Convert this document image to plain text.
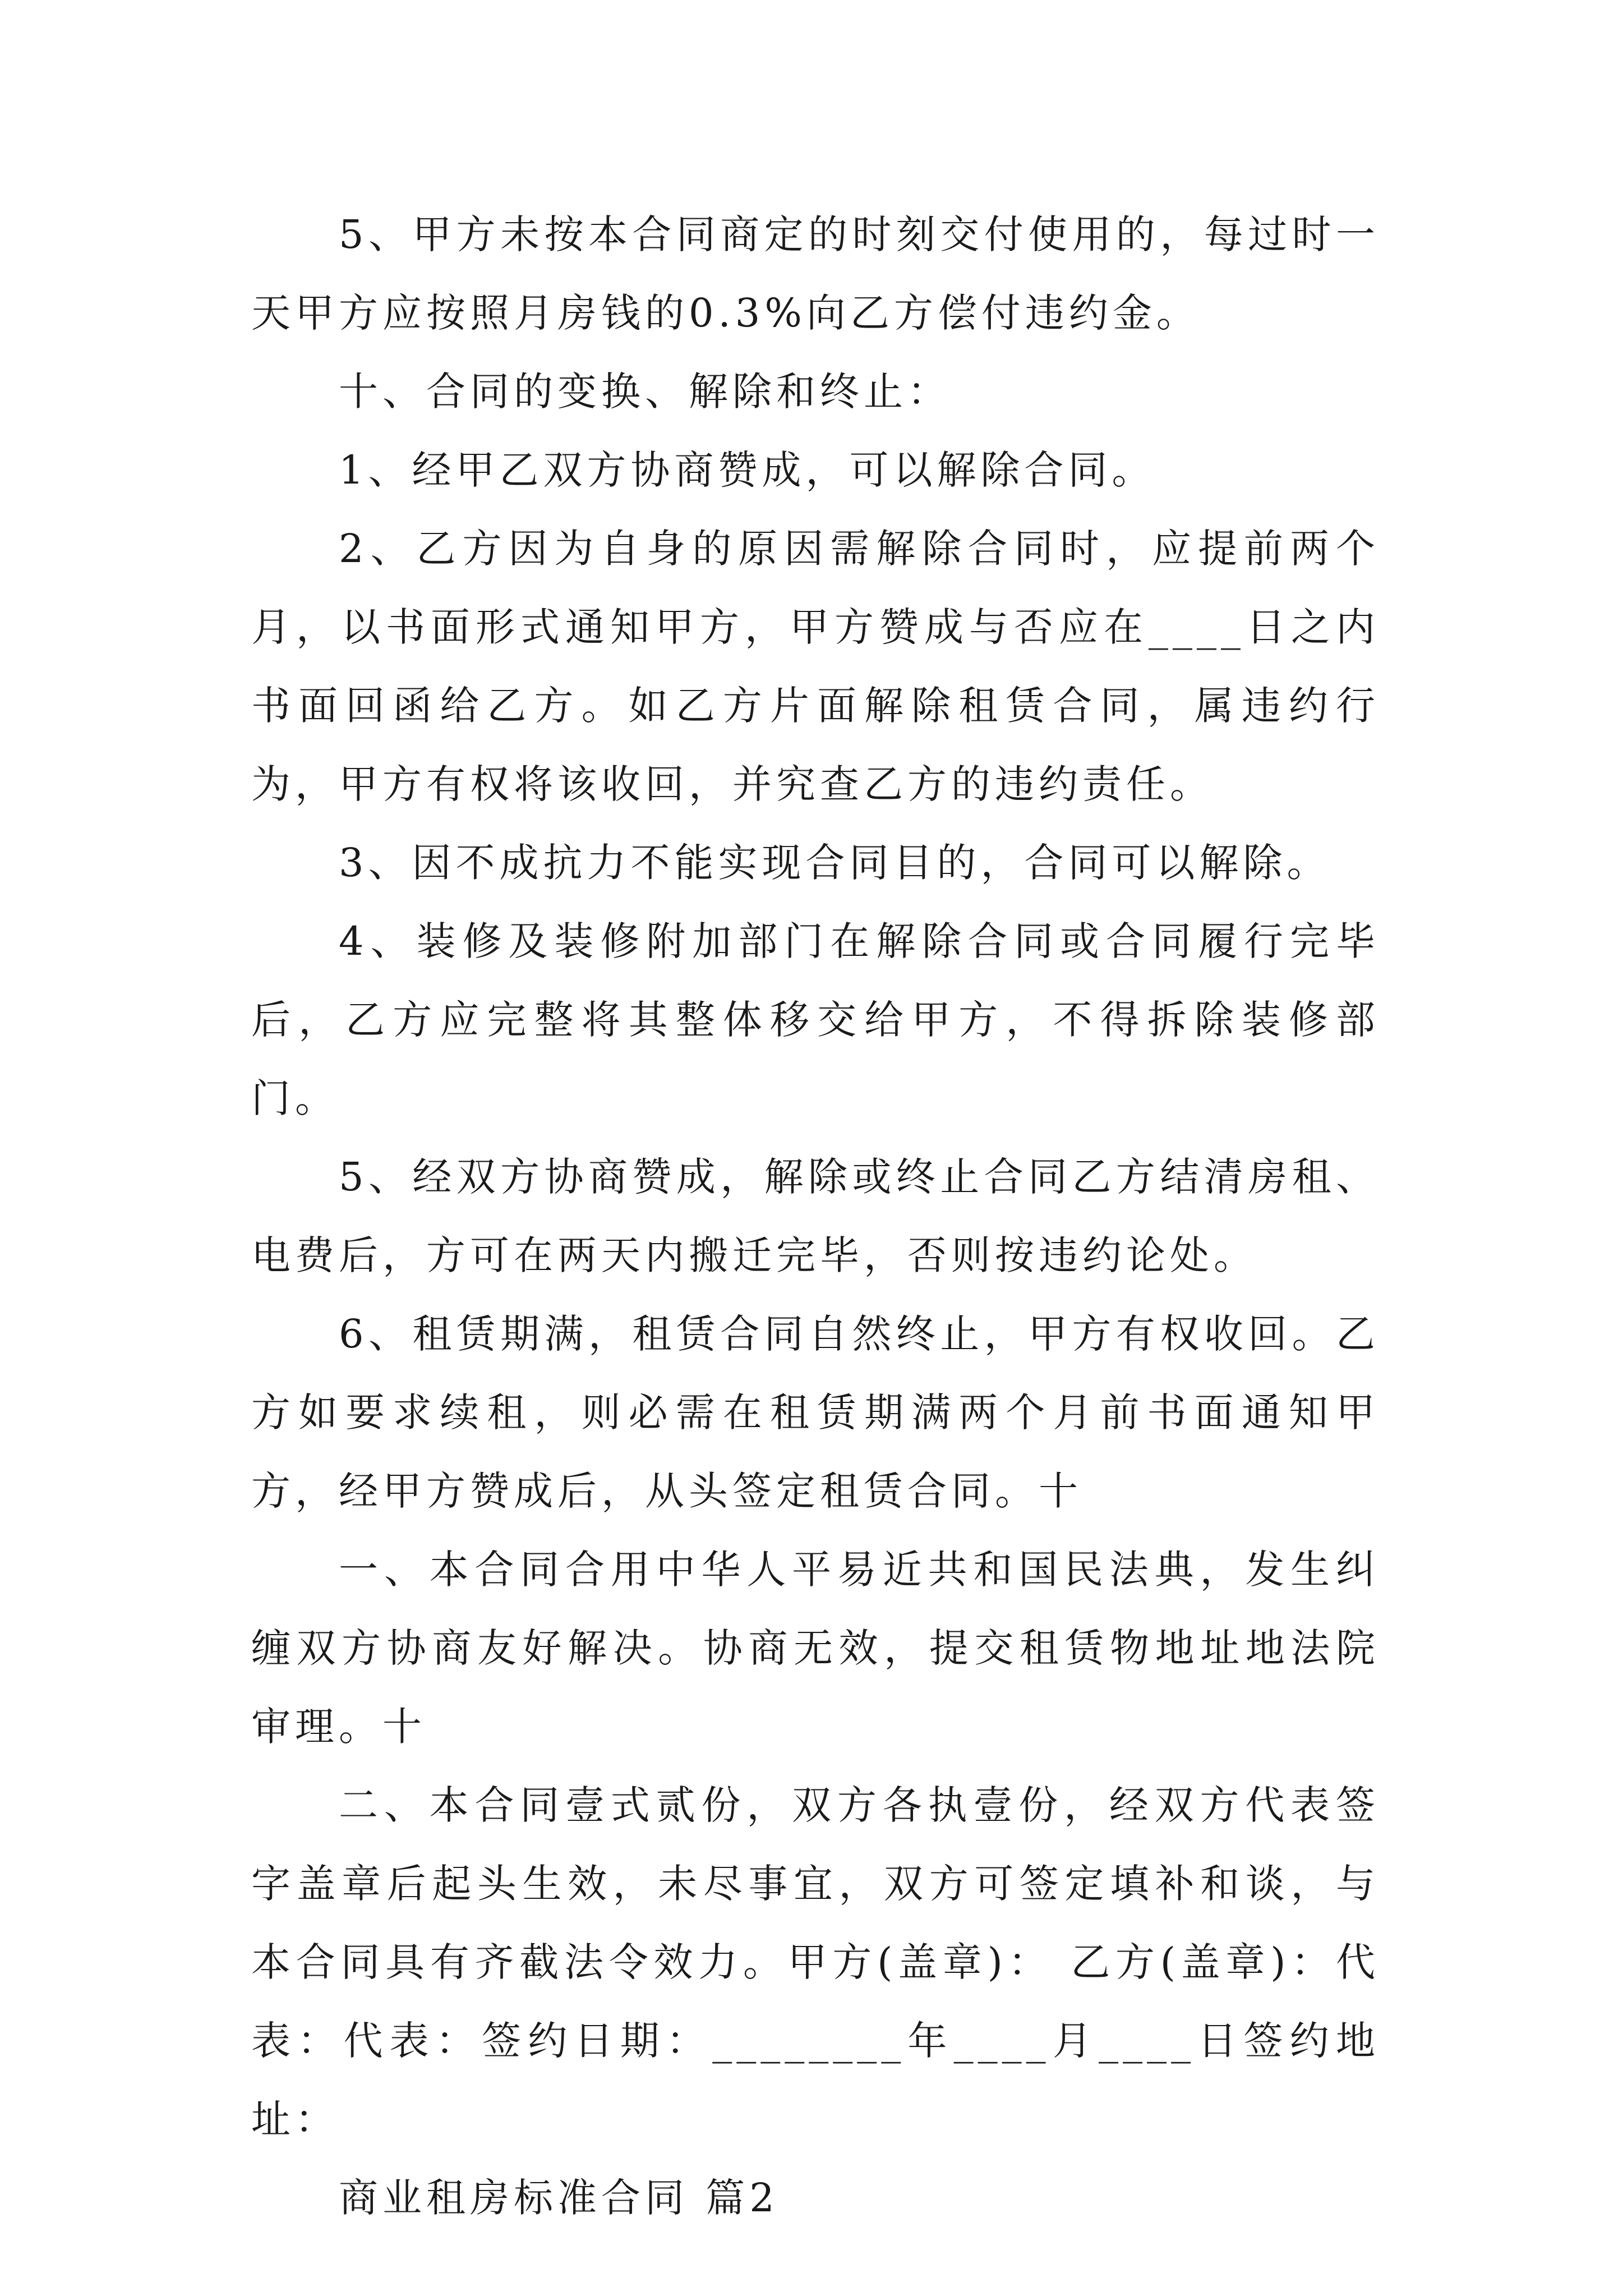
5、甲方未按本合同商定的时刻交付使用的，每过时一天甲方应按照月房钱的0.3%向乙方偿付违约金。

十、合同的变换、解除和终止：

1、经甲乙双方协商赞成，可以解除合同。

2、乙方因为自身的原因需解除合同时，应提前两个月，以书面形式通知甲方，甲方赞成与否应在____日之内书面回函给乙方。如乙方片面解除租赁合同，属违约行为，甲方有权将该收回，并究查乙方的违约责任。

3、因不成抗力不能实现合同目的，合同可以解除。

4、装修及装修附加部门在解除合同或合同履行完毕后，乙方应完整将其整体移交给甲方，不得拆除装修部门。

5、经双方协商赞成，解除或终止合同乙方结清房租、电费后，方可在两天内搬迁完毕，否则按违约论处。

6、租赁期满，租赁合同自然终止，甲方有权收回。乙方如要求续租，则必需在租赁期满两个月前书面通知甲方，经甲方赞成后，从头签定租赁合同。十

一、本合同合用中华人平易近共和国民法典，发生纠缠双方协商友好解决。协商无效，提交租赁物地址地法院审理。十

二、本合同壹式贰份，双方各执壹份，经双方代表签字盖章后起头生效，未尽事宜，双方可签定填补和谈，与本合同具有齐截法令效力。甲方(盖章)： 乙方(盖章)：代表：代表：签约日期：________年____月____日签约地址：

商业租房标准合同 篇2
